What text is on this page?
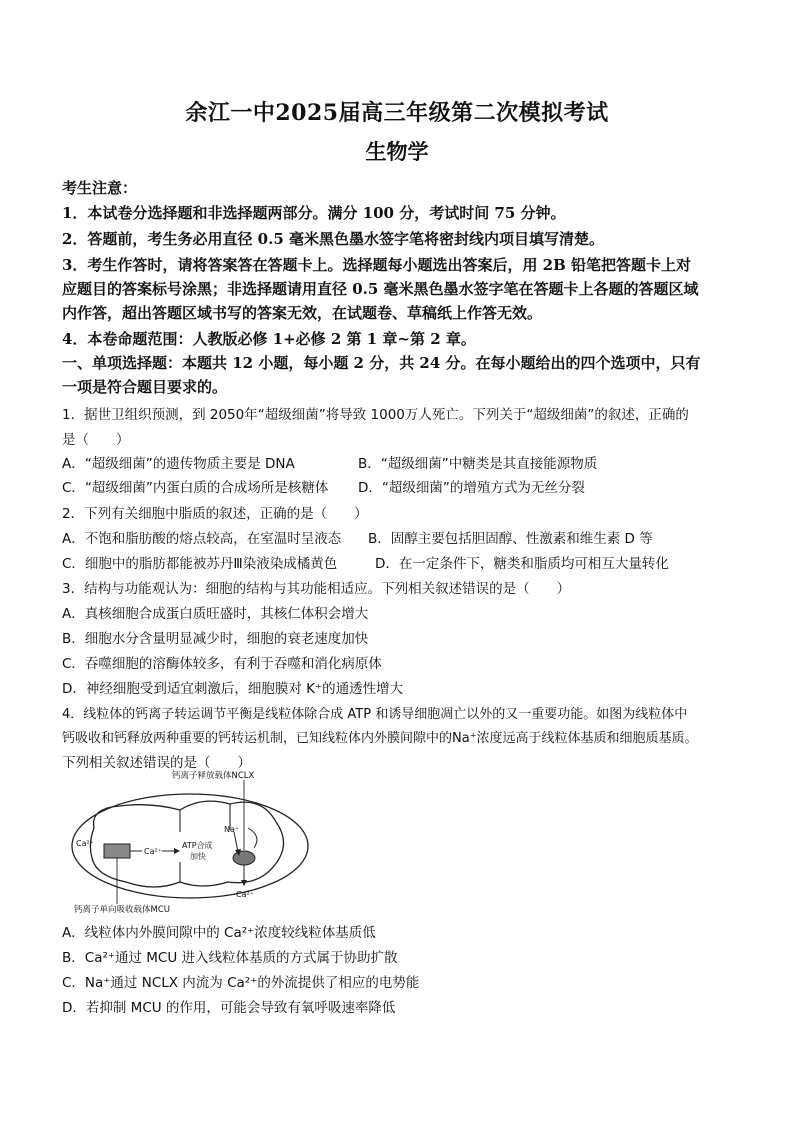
余江一中2025届高三年级第二次模拟考试
生物学
考生注意：
1．本试卷分选择题和非选择题两部分。满分 100 分，考试时间 75 分钟。
2．答题前，考生务必用直径 0.5 毫米黑色墨水签字笔将密封线内项目填写清楚。
3．考生作答时，请将答案答在答题卡上。选择题每小题选出答案后，用 2B 铅笔把答题卡上对
应题目的答案标号涂黑；非选择题请用直径 0.5 毫米黑色墨水签字笔在答题卡上各题的答题区域
内作答，超出答题区域书写的答案无效，在试题卷、草稿纸上作答无效。
4．本卷命题范围：人教版必修 1+必修 2 第 1 章~第 2 章。
一、单项选择题：本题共 12 小题，每小题 2 分，共 24 分。在每小题给出的四个选项中，只有
一项是符合题目要求的。
1．据世卫组织预测，到 2050年“超级细菌”将导致 1000万人死亡。下列关于“超级细菌”的叙述，正确的
是（　　）
A．“超级细菌”的遗传物质主要是 DNA	B．“超级细菌”中糖类是其直接能源物质
C．“超级细菌”内蛋白质的合成场所是核糖体 D．“超级细菌”的增殖方式为无丝分裂
2．下列有关细胞中脂质的叙述，正确的是（　　）
A．不饱和脂肪酸的熔点较高，在室温时呈液态 B．固醇主要包括胆固醇、性激素和维生素 D 等
C．细胞中的脂肪都能被苏丹Ⅲ染液染成橘黄色	D．在一定条件下，糖类和脂质均可相互大量转化
3．结构与功能观认为：细胞的结构与其功能相适应。下列相关叙述错误的是（　　）
A．真核细胞合成蛋白质旺盛时，其核仁体积会增大
B．细胞水分含量明显减少时，细胞的衰老速度加快
C．吞噬细胞的溶酶体较多，有利于吞噬和消化病原体
D．神经细胞受到适宜刺激后，细胞膜对 K⁺的通透性增大
4．线粒体的钙离子转运调节平衡是线粒体除合成 ATP 和诱导细胞凋亡以外的又一重要功能。如图为线粒体中
钙吸收和钙释放两种重要的钙转运机制，已知线粒体内外膜间隙中的Na⁺浓度远高于线粒体基质和细胞质基质。
下列相关叙述错误的是（　　）
钙离子释放载体NCLX
钙离子单向吸收载体MCU
Ca²⁺
Ca²⁺
ATP合成
加快
Na⁺
Ca²⁺
A．线粒体内外膜间隙中的 Ca²⁺浓度较线粒体基质低
B．Ca²⁺通过 MCU 进入线粒体基质的方式属于协助扩散
C．Na⁺通过 NCLX 内流为 Ca²⁺的外流提供了相应的电势能
D．若抑制 MCU 的作用，可能会导致有氧呼吸速率降低
